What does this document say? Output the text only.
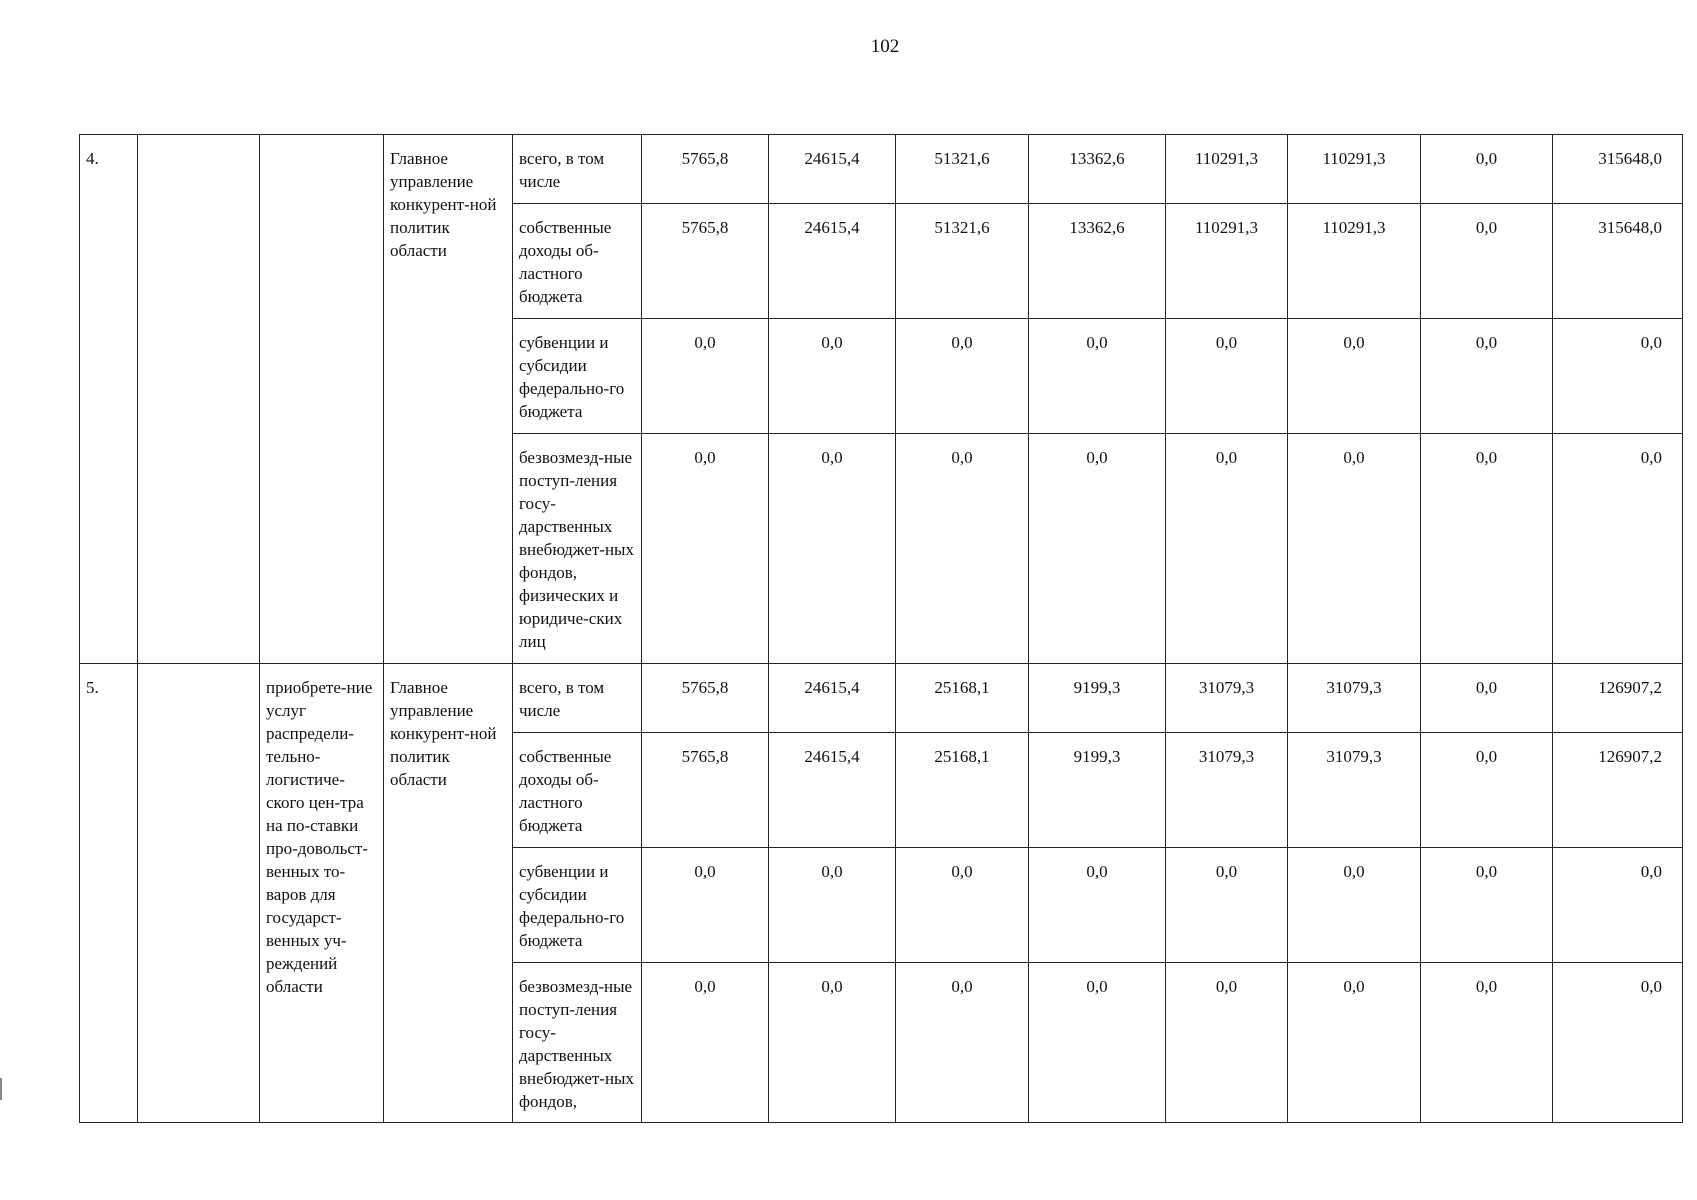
102
4.			Главное управление конкурент-ной политик области	всего, в том числе	5765,8	24615,4	51321,6	13362,6	110291,3	110291,3	0,0	315648,0
				собственные доходы об-ластного бюджета	5765,8	24615,4	51321,6	13362,6	110291,3	110291,3	0,0	315648,0
				субвенции и субсидии федерально-го бюджета	0,0	0,0	0,0	0,0	0,0	0,0	0,0	0,0
				безвозмезд-ные поступ-ления госу-дарственных внебюджет-ных фондов, физических и юридиче-ских лиц	0,0	0,0	0,0	0,0	0,0	0,0	0,0	0,0
5.		приобрете-ние услуг распредели-тельно-логистиче-ского цен-тра на по-ставки про-довольст-венных то-варов для государст-венных уч-реждений области	Главное управление конкурент-ной политик области	всего, в том числе	5765,8	24615,4	25168,1	9199,3	31079,3	31079,3	0,0	126907,2
				собственные доходы об-ластного бюджета	5765,8	24615,4	25168,1	9199,3	31079,3	31079,3	0,0	126907,2
				субвенции и субсидии федерально-го бюджета	0,0	0,0	0,0	0,0	0,0	0,0	0,0	0,0
				безвозмезд-ные поступ-ления госу-дарственных внебюджет-ных фондов,	0,0	0,0	0,0	0,0	0,0	0,0	0,0	0,0
